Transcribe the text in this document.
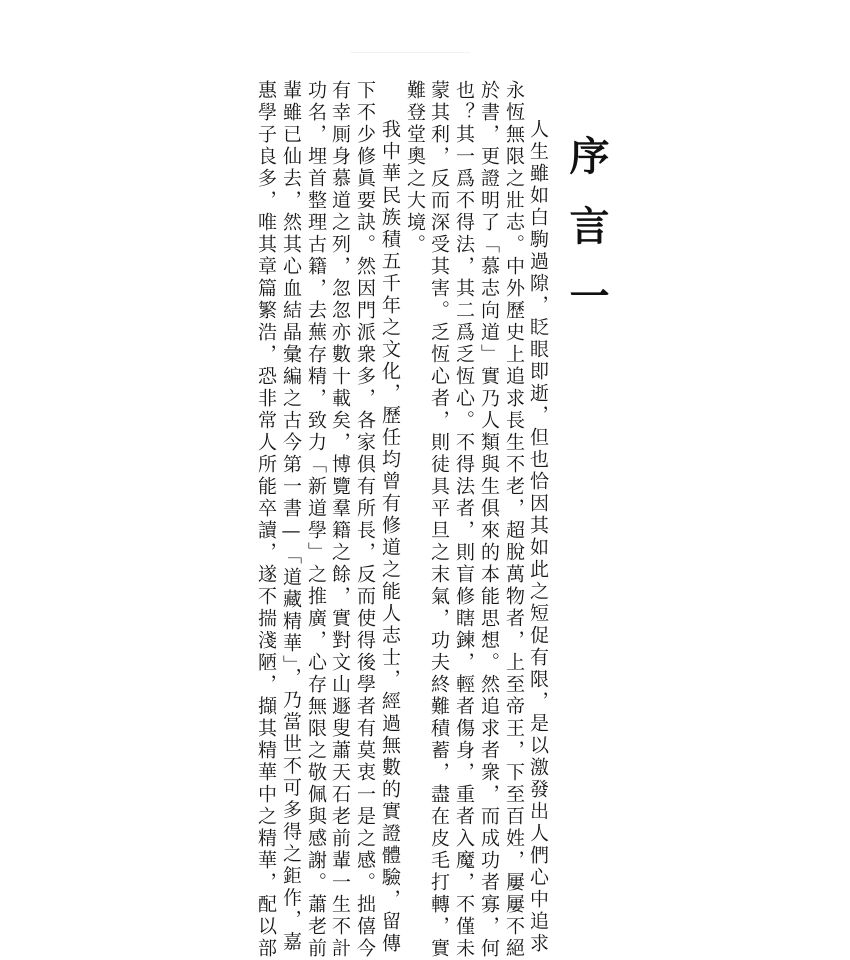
序言一
人生雖如白駒過隙，眨眼即逝，但也恰因其如此之短促有限，是以激發出人們心中追求
永恆無限之壯志。中外歷史上追求長生不老，超脫萬物者，上至帝王，下至百姓，屢屢不絕
於書，更證明了「慕志向道」實乃人類與生俱來的本能思想。然追求者衆，而成功者寡，何
也？其一爲不得法，其二爲乏恆心。不得法者，則盲修瞎鍊，輕者傷身，重者入魔，不僅未
蒙其利，反而深受其害。乏恆心者，則徒具平旦之末氣，功夫終難積蓄，盡在皮毛打轉，實
難登堂奧之大境。
我中華民族積五千年之文化，歷任均曾有修道之能人志士，經過無數的實證體驗，留傳
下不少修眞要訣。然因門派衆多，各家俱有所長，反而使得後學者有莫衷一是之感。拙僖今
有幸厠身慕道之列，忽忽亦數十載矣，博覽羣籍之餘，實對文山遯叟蕭天石老前輩一生不計
功名，埋首整理古籍，去蕪存精，致力「新道學」之推廣，心存無限之敬佩與感謝。蕭老前
輩雖已仙去，然其心血結晶彙編之古今第一書—「道藏精華」，乃當世不可多得之鉅作，嘉
惠學子良多，唯其章篇繁浩，恐非常人所能卒讀，遂不揣淺陋，擷其精華中之精華，配以部
